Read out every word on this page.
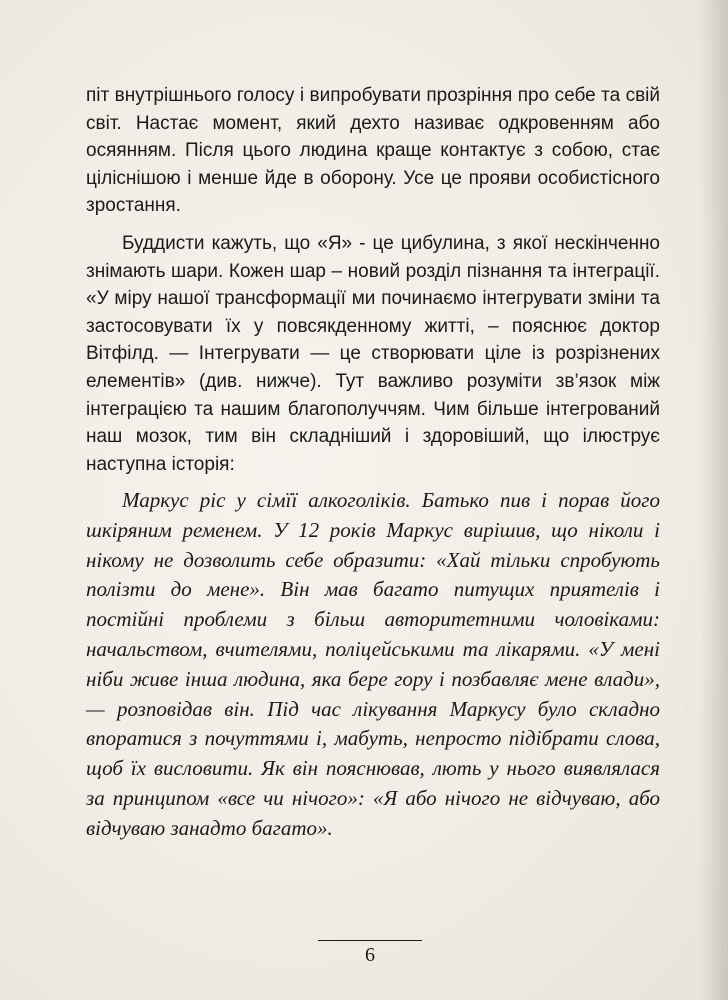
піт внутрішнього голосу і випробувати прозріння про себе та свій світ. Настає момент, який дехто називає одкровенням або осяянням. Після цього людина краще контактує з собою, стає цілiснішою і менше йде в оборону. Усе це прояви особистісного зростання.

Буддисти кажуть, що «Я» - це цибулина, з якої нескінченно знімають шари. Кожен шар – новий розділ пізнання та інтеграції. «У міру нашої трансформації ми починаємо інтегрувати зміни та застосовувати їх у повсякденному житті, – пояснює доктор Вітфілд. — Інтегрувати — це створювати ціле із розрізнених елементів» (див. нижче). Тут важливо розуміти зв’язок між інтеграцією та нашим благополуччям. Чим більше інтегрований наш мозок, тим він складніший і здоровіший, що ілюструє наступна історія:

Маркус ріс у сімїї алкоголіків. Батько пив і порав його шкіряним ременем. У 12 років Маркус вирішив, що ніколи і нікому не дозволить себе образити: «Хай тільки спробують полізти до мене». Він мав багато питущих приятелів і постійні проблеми з більш авторитетними чоловіками: начальством, вчителями, поліцейськими та лікарями. «У мені ніби живе інша людина, яка бере гору і позбавляє мене влади», — розповідав він. Під час лікування Маркусу було складно впоратися з почуттями і, мабуть, непросто підібрати слова, щоб їх висловити. Як він пояснював, лють у нього виявлялася за принципом «все чи нічого»: «Я або нічого не відчуваю, або відчуваю занадто багато».

6
